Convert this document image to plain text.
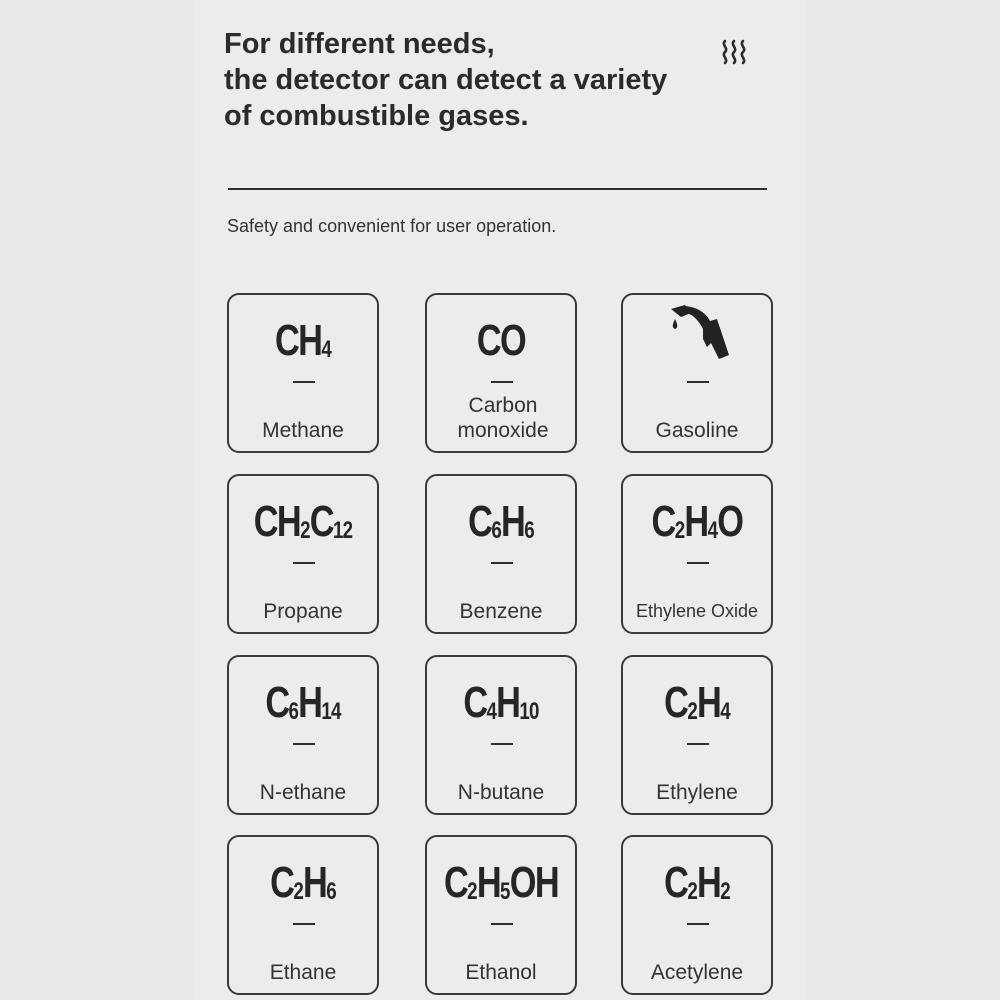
For different needs,
the detector can detect a variety
of combustible gases.
Safety and convenient for user operation.
$CH_4$
Methane
CO
Carbon monoxide	Gasoline
$CH_2C_{12}$
Propane
$C_6H_6$
Benzene
$C_2H_4O$
Ethylene Oxide
$C_6H_{14}$
N-ethane
$C_4H_{10}$
N-butane
$C_2H_4$
Ethylene
$C_2H_6$
Ethane
$C_2H_5OH$
Ethanol
$C_2H_2$
Acetylene
